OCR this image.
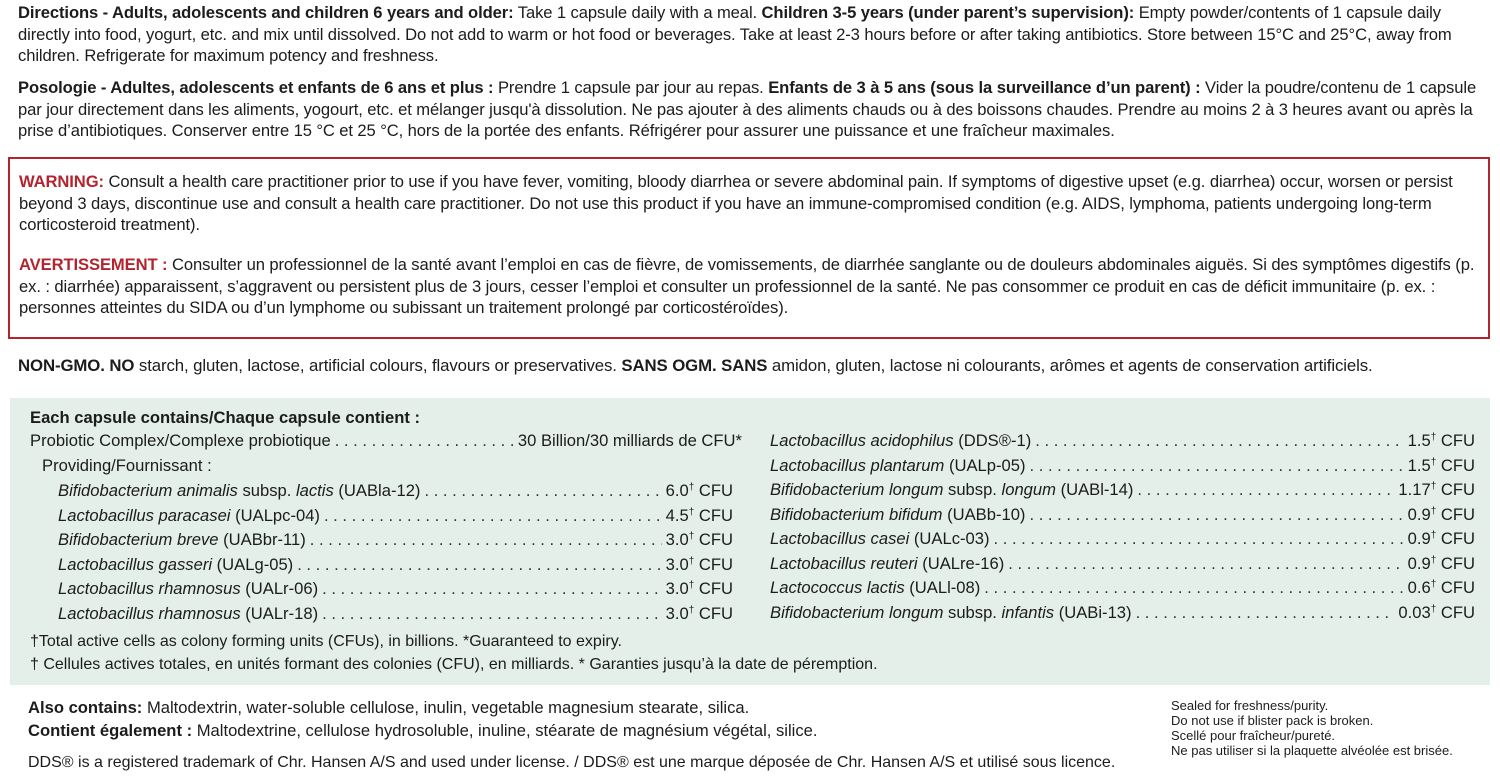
Directions - Adults, adolescents and children 6 years and older: Take 1 capsule daily with a meal. Children 3-5 years (under parent’s supervision): Empty powder/contents of 1 capsule daily directly into food, yogurt, etc. and mix until dissolved. Do not add to warm or hot food or beverages. Take at least 2-3 hours before or after taking antibiotics. Store between 15°C and 25°C, away from children. Refrigerate for maximum potency and freshness.
Posologie - Adultes, adolescents et enfants de 6 ans et plus : Prendre 1 capsule par jour au repas. Enfants de 3 à 5 ans (sous la surveillance d’un parent) : Vider la poudre/contenu de 1 capsule par jour directement dans les aliments, yogourt, etc. et mélanger jusqu'à dissolution. Ne pas ajouter à des aliments chauds ou à des boissons chaudes. Prendre au moins 2 à 3 heures avant ou après la prise d’antibiotiques. Conserver entre 15 °C et 25 °C, hors de la portée des enfants. Réfrigérer pour assurer une puissance et une fraîcheur maximales.
WARNING: Consult a health care practitioner prior to use if you have fever, vomiting, bloody diarrhea or severe abdominal pain. If symptoms of digestive upset (e.g. diarrhea) occur, worsen or persist beyond 3 days, discontinue use and consult a health care practitioner. Do not use this product if you have an immune-compromised condition (e.g. AIDS, lymphoma, patients undergoing long-term corticosteroid treatment).
AVERTISSEMENT : Consulter un professionnel de la santé avant l’emploi en cas de fièvre, de vomissements, de diarrhée sanglante ou de douleurs abdominales aiguës. Si des symptômes digestifs (p. ex. : diarrhée) apparaissent, s’aggravent ou persistent plus de 3 jours, cesser l’emploi et consulter un professionnel de la santé. Ne pas consommer ce produit en cas de déficit immunitaire (p. ex. : personnes atteintes du SIDA ou d’un lymphome ou subissant un traitement prolongé par corticostéroïdes).
NON-GMO. NO starch, gluten, lactose, artificial colours, flavours or preservatives. SANS OGM. SANS amidon, gluten, lactose ni colourants, arômes et agents de conservation artificiels.
Each capsule contains/Chaque capsule contient :
Probiotic Complex/Complexe probiotique . . .	30 Billion/30 milliards de CFU*
Providing/Fournissant :
Bifidobacterium animalis subsp. lactis (UABla-12) . . .	6.0† CFU
Lactobacillus paracasei (UALpc-04) . . .	4.5† CFU
Bifidobacterium breve (UABbr-11) . . .	3.0† CFU
Lactobacillus gasseri (UALg-05) . . .	3.0† CFU
Lactobacillus rhamnosus (UALr-06) . . .	3.0† CFU
Lactobacillus rhamnosus (UALr-18) . . .	3.0† CFU
Lactobacillus acidophilus (DDS®-1) . . .	1.5† CFU
Lactobacillus plantarum (UALp-05) . . .	1.5† CFU
Bifidobacterium longum subsp. longum (UABl-14) . . .	1.17† CFU
Bifidobacterium bifidum (UABb-10) . . .	0.9† CFU
Lactobacillus casei (UALc-03) . . .	0.9† CFU
Lactobacillus reuteri (UALre-16) . . .	0.9† CFU
Lactococcus lactis (UALl-08) . . .	0.6† CFU
Bifidobacterium longum subsp. infantis (UABi-13) . . .	0.03† CFU
†Total active cells as colony forming units (CFUs), in billions. *Guaranteed to expiry.
† Cellules actives totales, en unités formant des colonies (CFU), en milliards. * Garanties jusqu’à la date de péremption.
Also contains: Maltodextrin, water-soluble cellulose, inulin, vegetable magnesium stearate, silica.
Contient également : Maltodextrine, cellulose hydrosoluble, inuline, stéarate de magnésium végétal, silice.
DDS® is a registered trademark of Chr. Hansen A/S and used under license. / DDS® est une marque déposée de Chr. Hansen A/S et utilisé sous licence.
Sealed for freshness/purity.
Do not use if blister pack is broken.
Scellé pour fraîcheur/pureté.
Ne pas utiliser si la plaquette alvéolée est brisée.
